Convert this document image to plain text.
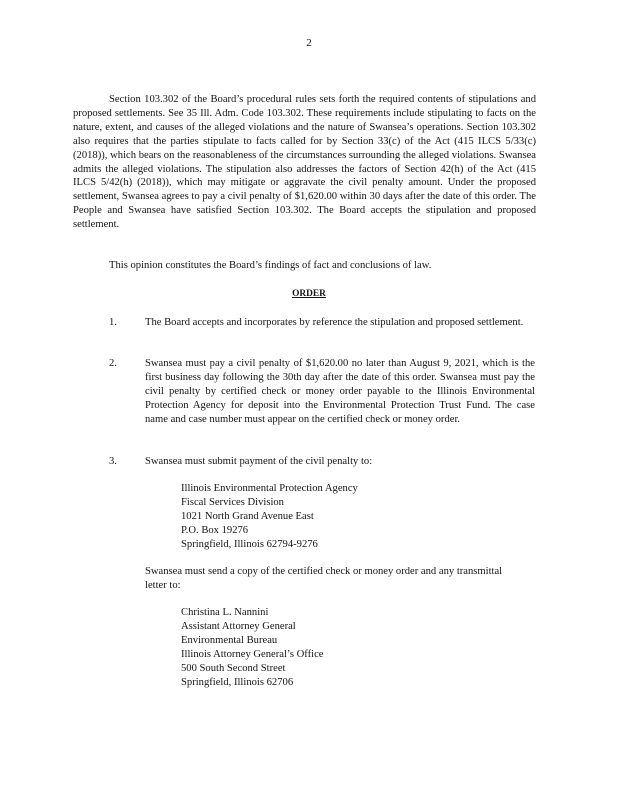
2
Section 103.302 of the Board’s procedural rules sets forth the required contents of stipulations and proposed settlements. See 35 Ill. Adm. Code 103.302. These requirements include stipulating to facts on the nature, extent, and causes of the alleged violations and the nature of Swansea’s operations. Section 103.302 also requires that the parties stipulate to facts called for by Section 33(c) of the Act (415 ILCS 5/33(c) (2018)), which bears on the reasonableness of the circumstances surrounding the alleged violations. Swansea admits the alleged violations. The stipulation also addresses the factors of Section 42(h) of the Act (415 ILCS 5/42(h) (2018)), which may mitigate or aggravate the civil penalty amount. Under the proposed settlement, Swansea agrees to pay a civil penalty of $1,620.00 within 30 days after the date of this order. The People and Swansea have satisfied Section 103.302. The Board accepts the stipulation and proposed settlement.
This opinion constitutes the Board’s findings of fact and conclusions of law.
ORDER
1.	The Board accepts and incorporates by reference the stipulation and proposed settlement.
2.	Swansea must pay a civil penalty of $1,620.00 no later than August 9, 2021, which is the first business day following the 30th day after the date of this order. Swansea must pay the civil penalty by certified check or money order payable to the Illinois Environmental Protection Agency for deposit into the Environmental Protection Trust Fund. The case name and case number must appear on the certified check or money order.
3.	Swansea must submit payment of the civil penalty to:
Illinois Environmental Protection Agency
Fiscal Services Division
1021 North Grand Avenue East
P.O. Box 19276
Springfield, Illinois 62794-9276
Swansea must send a copy of the certified check or money order and any transmittal letter to:
Christina L. Nannini
Assistant Attorney General
Environmental Bureau
Illinois Attorney General’s Office
500 South Second Street
Springfield, Illinois 62706
